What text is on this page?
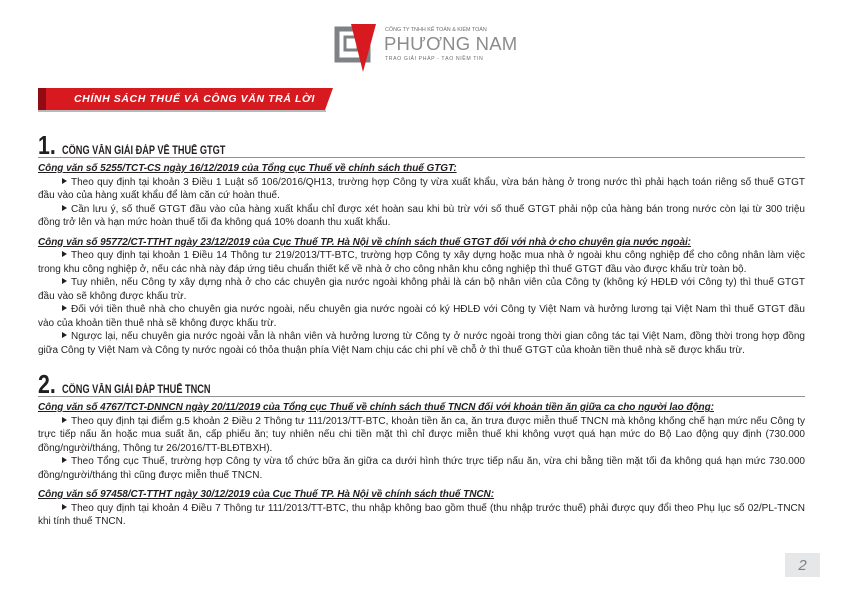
CÔNG TY TNHH KẾ TOÁN & KIỂM TOÁN
PHƯƠNG NAM
TRAO GIẢI PHÁP - TẠO NIỀM TIN
CHÍNH SÁCH THUẾ VÀ CÔNG VĂN TRẢ LỜI
1. CÔNG VĂN GIẢI ĐÁP VỀ THUẾ GTGT
Công văn số 5255/TCT-CS ngày 16/12/2019 của Tổng cục Thuế về chính sách thuế GTGT:

Theo quy định tại khoản 3 Điều 1 Luật số 106/2016/QH13, trường hợp Công ty vừa xuất khẩu, vừa bán hàng ở trong nước thì phải hạch toán riêng số thuế GTGT đầu vào của hàng xuất khẩu để làm căn cứ hoàn thuế.

Cần lưu ý, số thuế GTGT đầu vào của hàng xuất khẩu chỉ được xét hoàn sau khi bù trừ với số thuế GTGT phải nộp của hàng bán trong nước còn lại từ 300 triệu đồng trở lên và hạn mức hoàn thuế tối đa không quá 10% doanh thu xuất khẩu.

Công văn số 95772/CT-TTHT ngày 23/12/2019 của Cục Thuế TP. Hà Nội về chính sách thuế GTGT đối với nhà ở cho chuyên gia nước ngoài:

Theo quy định tại khoản 1 Điều 14 Thông tư 219/2013/TT-BTC, trường hợp Công ty xây dựng hoặc mua nhà ở ngoài khu công nghiệp để cho công nhân làm việc trong khu công nghiệp ở, nếu các nhà này đáp ứng tiêu chuẩn thiết kế về nhà ở cho công nhân khu công nghiệp thì thuế GTGT đầu vào được khấu trừ toàn bộ.

Tuy nhiên, nếu Công ty xây dựng nhà ở cho các chuyên gia nước ngoài không phải là cán bộ nhân viên của Công ty (không ký HĐLĐ với Công ty) thì thuế GTGT đầu vào sẽ không được khấu trừ.

Đối với tiền thuê nhà cho chuyên gia nước ngoài, nếu chuyên gia nước ngoài có ký HĐLĐ với Công ty Việt Nam và hưởng lương tại Việt Nam thì thuế GTGT đầu vào của khoản tiền thuê nhà sẽ không được khấu trừ.

Ngược lại, nếu chuyên gia nước ngoài vẫn là nhân viên và hưởng lương từ Công ty ở nước ngoài trong thời gian công tác tại Việt Nam, đồng thời trong hợp đồng giữa Công ty Việt Nam và Công ty nước ngoài có thỏa thuận phía Việt Nam chịu các chi phí về chỗ ở thì thuế GTGT của khoản tiền thuê nhà sẽ được khấu trừ.

2. CÔNG VĂN GIẢI ĐÁP THUẾ TNCN
Công văn số 4767/TCT-DNNCN ngày 20/11/2019 của Tổng cục Thuế về chính sách thuế TNCN đối với khoản tiền ăn giữa ca cho người lao động:

Theo quy định tại điểm g.5 khoản 2 Điều 2 Thông tư 111/2013/TT-BTC, khoản tiền ăn ca, ăn trưa được miễn thuế TNCN mà không khống chế hạn mức nếu Công ty trực tiếp nấu ăn hoặc mua suất ăn, cấp phiếu ăn; tuy nhiên nếu chi tiền mặt thì chỉ được miễn thuế khi không vượt quá hạn mức do Bộ Lao động quy định (730.000 đồng/người/tháng, Thông tư 26/2016/TT-BLĐTBXH).

Theo Tổng cục Thuế, trường hợp Công ty vừa tổ chức bữa ăn giữa ca dưới hình thức trực tiếp nấu ăn, vừa chi bằng tiền mặt tối đa không quá hạn mức 730.000 đồng/người/tháng thì cũng được miễn thuế TNCN.

Công văn số 97458/CT-TTHT ngày 30/12/2019 của Cục Thuế TP. Hà Nội về chính sách thuế TNCN:

Theo quy định tại khoản 4 Điều 7 Thông tư 111/2013/TT-BTC, thu nhập không bao gồm thuế (thu nhập trước thuế) phải được quy đổi theo Phụ lục số 02/PL-TNCN khi tính thuế TNCN.

2
